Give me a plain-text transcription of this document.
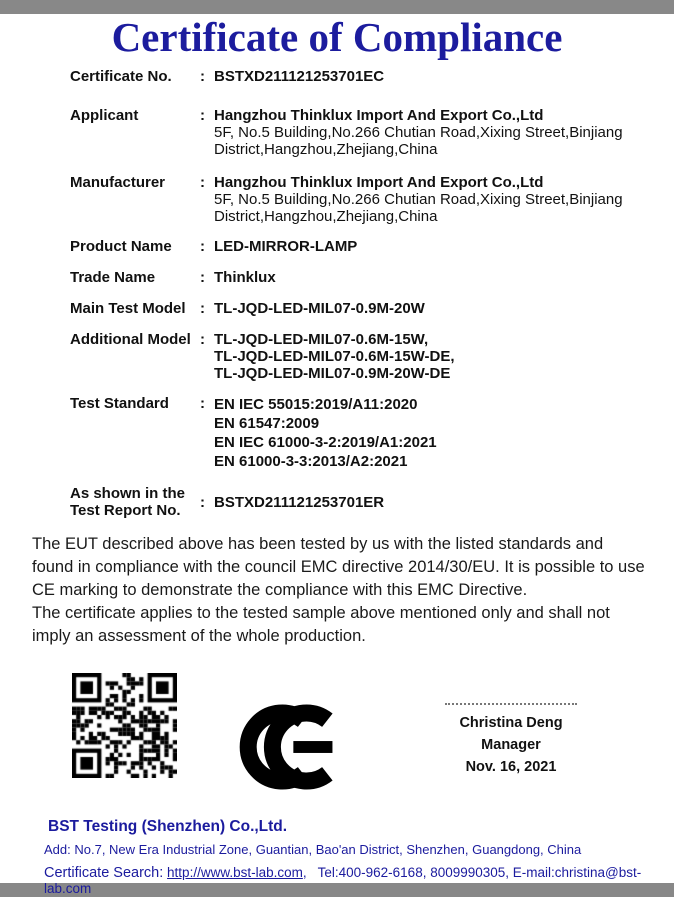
Certificate of Compliance
Certificate No.	: BSTXD211121253701EC
Applicant	: Hangzhou Thinklux Import And Export Co.,Ltd
5F, No.5 Building,No.266 Chutian Road,Xixing Street,Binjiang
District,Hangzhou,Zhejiang,China
Manufacturer	: Hangzhou Thinklux Import And Export Co.,Ltd
5F, No.5 Building,No.266 Chutian Road,Xixing Street,Binjiang
District,Hangzhou,Zhejiang,China
Product Name	: LED-MIRROR-LAMP
Trade Name	: Thinklux
Main Test Model : TL-JQD-LED-MIL07-0.9M-20W
Additional Model : TL-JQD-LED-MIL07-0.6M-15W,
TL-JQD-LED-MIL07-0.6M-15W-DE,
TL-JQD-LED-MIL07-0.9M-20W-DE
Test Standard	: EN IEC 55015:2019/A11:2020
EN 61547:2009
EN IEC 61000-3-2:2019/A1:2021
EN 61000-3-3:2013/A2:2021
As shown in the
Test Report No.	: BSTXD211121253701ER

The EUT described above has been tested by us with the listed standards and found in compliance with the council EMC directive 2014/30/EU. It is possible to use CE marking to demonstrate the compliance with this EMC Directive.

The certificate applies to the tested sample above mentioned only and shall not imply an assessment of the whole production.

Christina Deng
Manager
Nov. 16, 2021
BST Testing (Shenzhen) Co.,Ltd.
Add: No.7, New Era Industrial Zone, Guantian, Bao'an District, Shenzhen, Guangdong, China
Certificate Search: http://www.bst-lab.com,   Tel:400-962-6168, 8009990305, E-mail:christina@bst-lab.com
